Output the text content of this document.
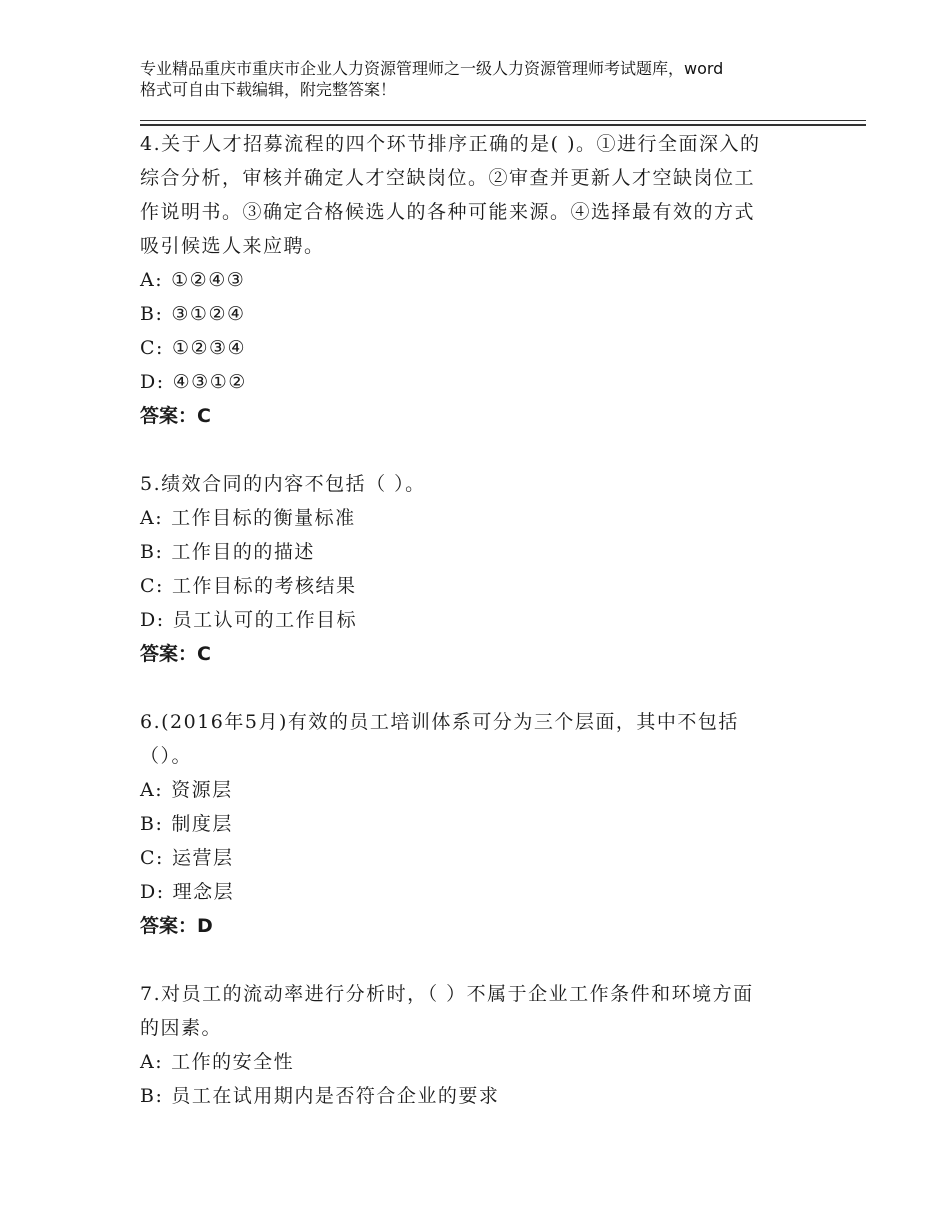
专业精品重庆市重庆市企业人力资源管理师之一级人力资源管理师考试题库，word
格式可自由下载编辑，附完整答案！
4.关于人才招募流程的四个环节排序正确的是( )。①进行全面深入的
综合分析，审核并确定人才空缺岗位。②审查并更新人才空缺岗位工
作说明书。③确定合格候选人的各种可能来源。④选择最有效的方式
吸引候选人来应聘。
A: ①②④③
B: ③①②④
C: ①②③④
D: ④③①②
答案：C
5.绩效合同的内容不包括（ ）。
A: 工作目标的衡量标准
B: 工作目的的描述
C: 工作目标的考核结果
D: 员工认可的工作目标
答案：C
6.(2016年5月)有效的员工培训体系可分为三个层面，其中不包括
（）。
A: 资源层
B: 制度层
C: 运营层
D: 理念层
答案：D
7.对员工的流动率进行分析时，（ ）不属于企业工作条件和环境方面
的因素。
A: 工作的安全性
B: 员工在试用期内是否符合企业的要求
